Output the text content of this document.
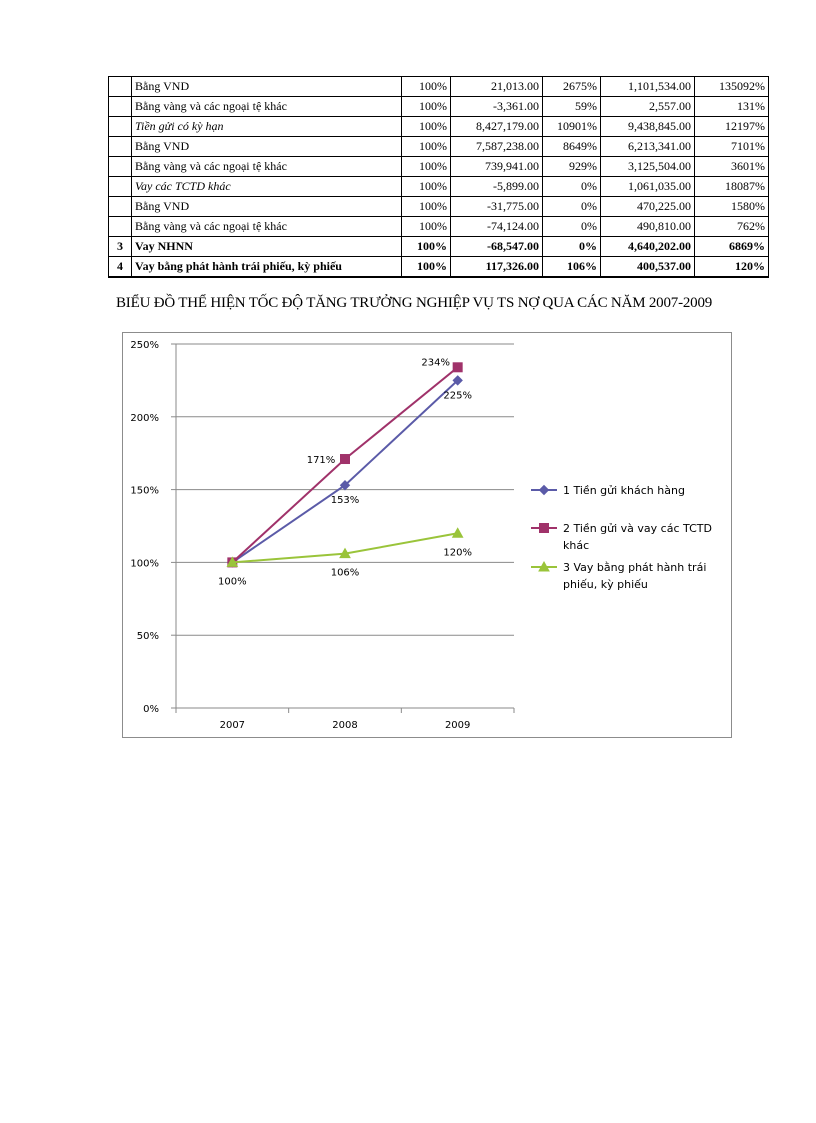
	Bằng VND	100%	21,013.00	2675%	1,101,534.00	135092%
	Bằng vàng và các ngoại tệ khác	100%	-3,361.00	59%	2,557.00	131%
	Tiền gửi có kỳ hạn	100%	8,427,179.00	10901%	9,438,845.00	12197%
	Bằng VND	100%	7,587,238.00	8649%	6,213,341.00	7101%
	Bằng vàng và các ngoại tệ khác	100%	739,941.00	929%	3,125,504.00	3601%
	Vay các TCTD khác	100%	-5,899.00	0%	1,061,035.00	18087%
	Bằng VND	100%	-31,775.00	0%	470,225.00	1580%
	Bằng vàng và các ngoại tệ khác	100%	-74,124.00	0%	490,810.00	762%
3	Vay NHNN	100%	-68,547.00	0%	4,640,202.00	6869%
4	Vay bằng phát hành trái phiếu, kỳ phiếu	100%	117,326.00	106%	400,537.00	120%
BIỂU ĐỒ THỂ HIỆN TỐC ĐỘ TĂNG TRƯỞNG NGHIỆP VỤ TS NỢ QUA CÁC NĂM 2007-2009
0%
50%
100%
150%
200%
250%
2007	2008	2009
100%
153%
225%
171%
234%
106%
120%
1 Tiền gửi khách hàng
2 Tiền gửi và vay các TCTD khác
3 Vay bằng phát hành trái phiếu, kỳ phiếu
